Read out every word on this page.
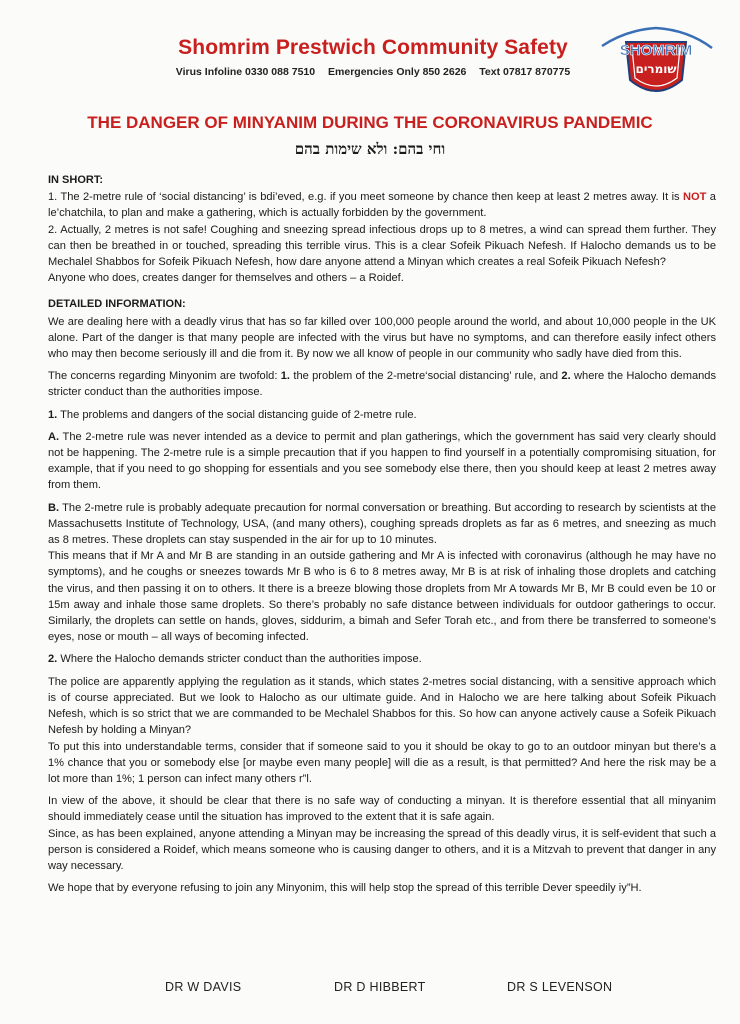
Shomrim Prestwich Community Safety
Virus Infoline 0330 088 7510 Emergencies Only 850 2626 Text 07817 870775
SHOMRIM
שומרים
THE DANGER OF MINYANIM DURING THE CORONAVIRUS PANDEMIC
וחי בהם: ולא שימות בהם
IN SHORT:

1. The 2-metre rule of ‘social distancing’ is bdi’eved, e.g. if you meet someone by chance then keep at least 2 metres away. It is NOT a le’chatchila, to plan and make a gathering, which is actually forbidden by the government.

2. Actually, 2 metres is not safe! Coughing and sneezing spread infectious drops up to 8 metres, a wind can spread them further. They can then be breathed in or touched, spreading this terrible virus. This is a clear Sofeik Pikuach Nefesh. If Halocho demands us to be Mechalel Shabbos for Sofeik Pikuach Nefesh, how dare anyone attend a Minyan which creates a real Sofeik Pikuach Nefesh?

Anyone who does, creates danger for themselves and others – a Roidef.

DETAILED INFORMATION:

We are dealing here with a deadly virus that has so far killed over 100,000 people around the world, and about 10,000 people in the UK alone. Part of the danger is that many people are infected with the virus but have no symptoms, and can therefore easily infect others who may then become seriously ill and die from it. By now we all know of people in our community who sadly have died from this.

The concerns regarding Minyonim are twofold: 1. the problem of the 2-metre‘social distancing’ rule, and 2. where the Halocho demands stricter conduct than the authorities impose.

1. The problems and dangers of the social distancing guide of 2-metre rule.

A. The 2-metre rule was never intended as a device to permit and plan gatherings, which the government has said very clearly should not be happening. The 2-metre rule is a simple precaution that if you happen to find yourself in a potentially compromising situation, for example, that if you need to go shopping for essentials and you see somebody else there, then you should keep at least 2 metres away from them.

B. The 2-metre rule is probably adequate precaution for normal conversation or breathing. But according to research by scientists at the Massachusetts Institute of Technology, USA, (and many others), coughing spreads droplets as far as 6 metres, and sneezing as much as 8 metres. These droplets can stay suspended in the air for up to 10 minutes.

This means that if Mr A and Mr B are standing in an outside gathering and Mr A is infected with coronavirus (although he may have no symptoms), and he coughs or sneezes towards Mr B who is 6 to 8 metres away, Mr B is at risk of inhaling those droplets and catching the virus, and then passing it on to others. It there is a breeze blowing those droplets from Mr A towards Mr B, Mr B could even be 10 or 15m away and inhale those same droplets. So there’s probably no safe distance between individuals for outdoor gatherings to occur. Similarly, the droplets can settle on hands, gloves, siddurim, a bimah and Sefer Torah etc., and from there be transferred to someone’s eyes, nose or mouth – all ways of becoming infected.

2. Where the Halocho demands stricter conduct than the authorities impose.

The police are apparently applying the regulation as it stands, which states 2-metres social distancing, with a sensitive approach which is of course appreciated. But we look to Halocho as our ultimate guide. And in Halocho we are here talking about Sofeik Pikuach Nefesh, which is so strict that we are commanded to be Mechalel Shabbos for this. So how can anyone actively cause a Sofeik Pikuach Nefesh by holding a Minyan?

To put this into understandable terms, consider that if someone said to you it should be okay to go to an outdoor minyan but there’s a 1% chance that you or somebody else [or maybe even many people] will die as a result, is that permitted? And here the risk may be a lot more than 1%; 1 person can infect many others r”l.

In view of the above, it should be clear that there is no safe way of conducting a minyan. It is therefore essential that all minyanim should immediately cease until the situation has improved to the extent that it is safe again.

Since, as has been explained, anyone attending a Minyan may be increasing the spread of this deadly virus, it is self-evident that such a person is considered a Roidef, which means someone who is causing danger to others, and it is a Mitzvah to prevent that danger in any way necessary.

We hope that by everyone refusing to join any Minyonim, this will help stop the spread of this terrible Dever speedily iy”H.

DR W DAVIS	DR D HIBBERT	DR S LEVENSON
